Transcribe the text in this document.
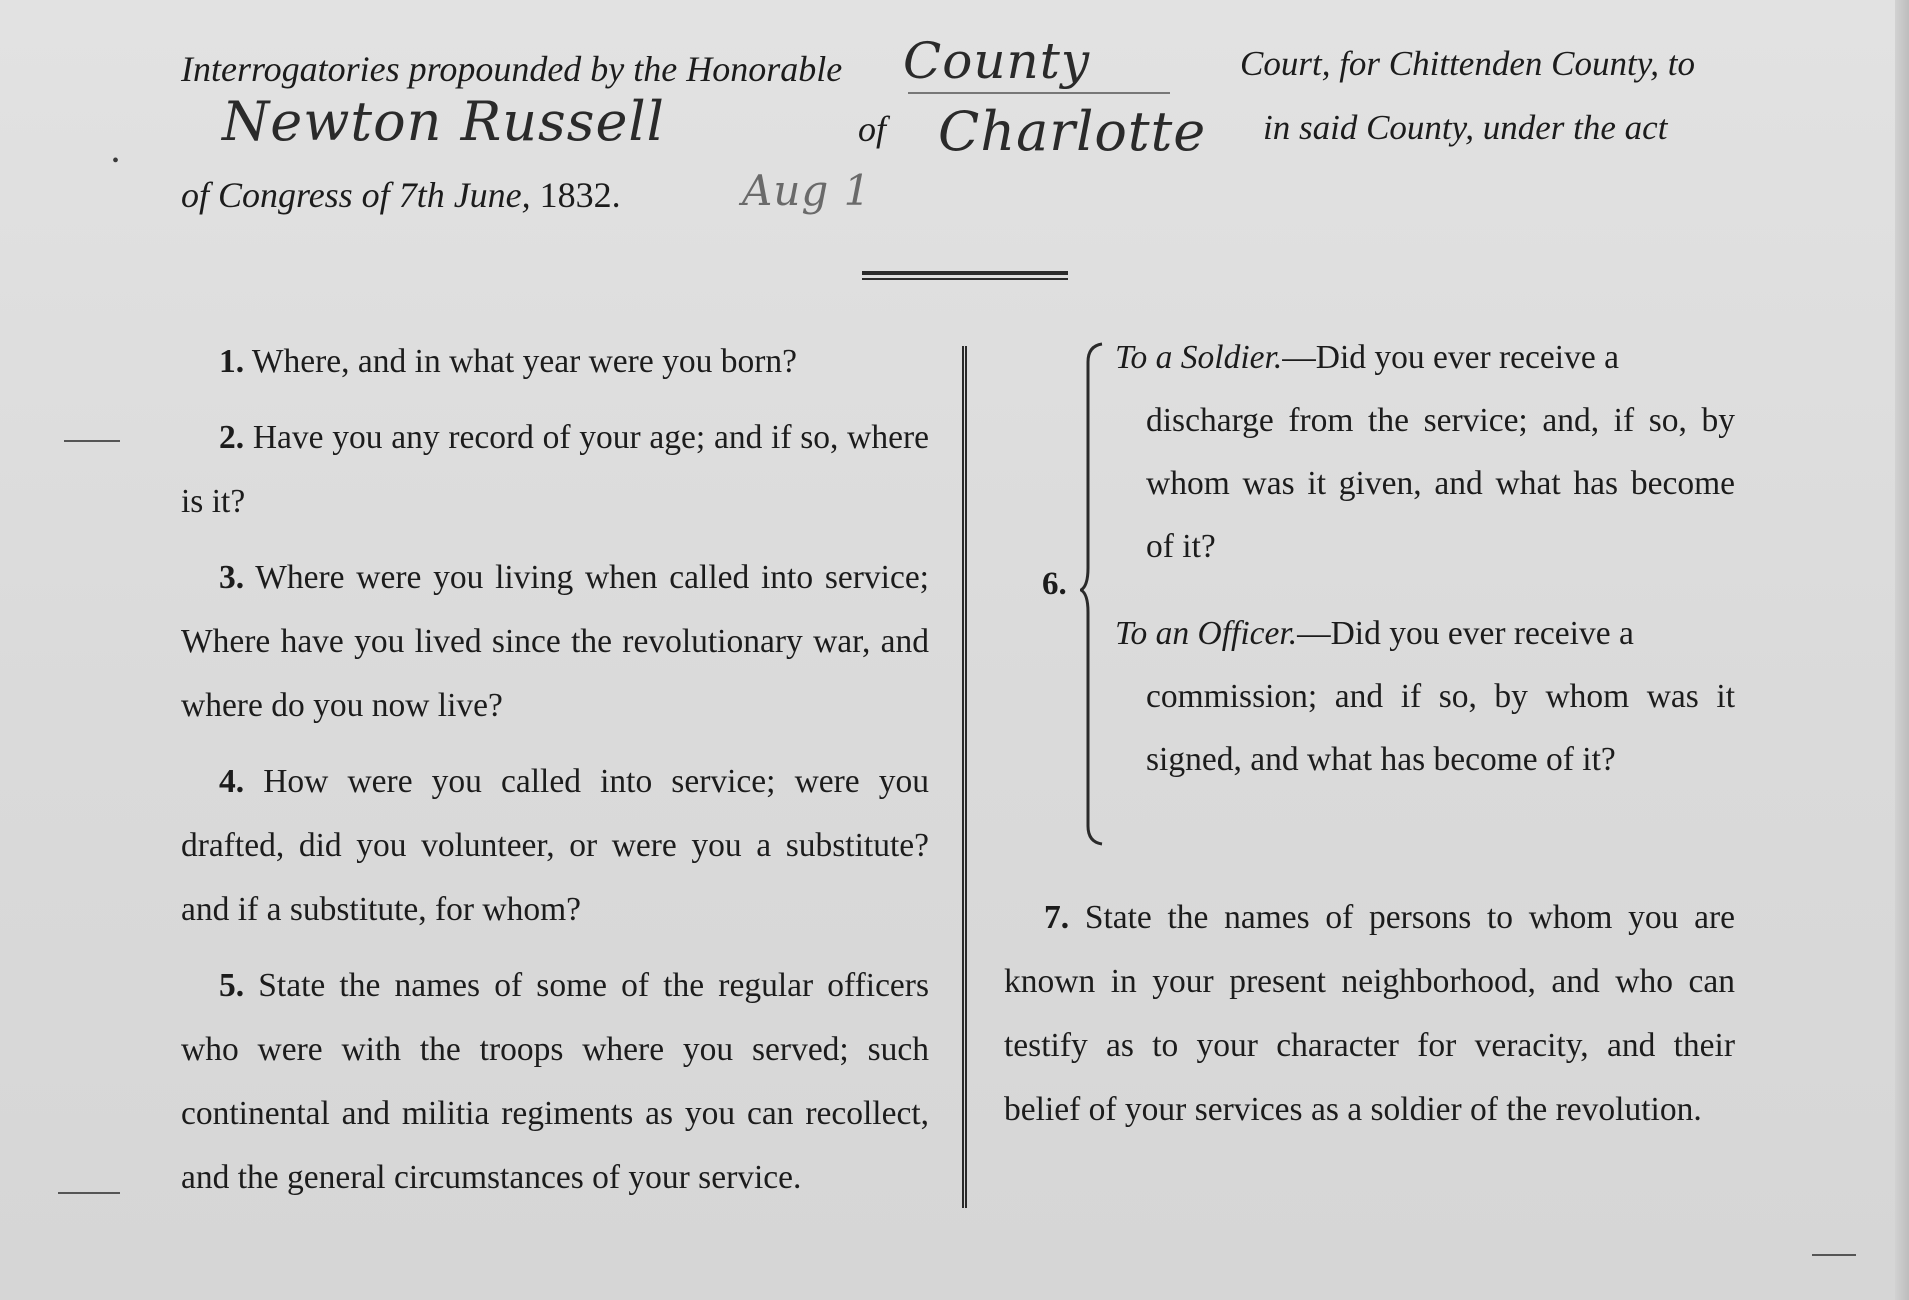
Interrogatories propounded by the Honorable County	Court, for Chittenden County, to
Newton Russell	of Charlotte in said County, under the act
of Congress of 7th June, 1832.	Aug 1

1. Where, and in what year were you born?

2. Have you any record of your age; and if so, where is it?

3. Where were you living when called into service; Where have you lived since the revolutionary war, and where do you now live?

4. How were you called into service; were you drafted, did you volunteer, or were you a substitute? and if a substitute, for whom?

5. State the names of some of the regular officers who were with the troops where you served; such continental and militia regiments as you can recollect, and the general circumstances of your service.

6.

To a Soldier.—Did you ever receive a
discharge from the service; and, if so, by whom was it given, and what has become of it?

To an Officer.—Did you ever receive a
commission; and if so, by whom was it signed, and what has become of it?

7. State the names of persons to whom you are known in your present neighborhood, and who can testify as to your character for veracity, and their belief of your services as a soldier of the revolution.

•
